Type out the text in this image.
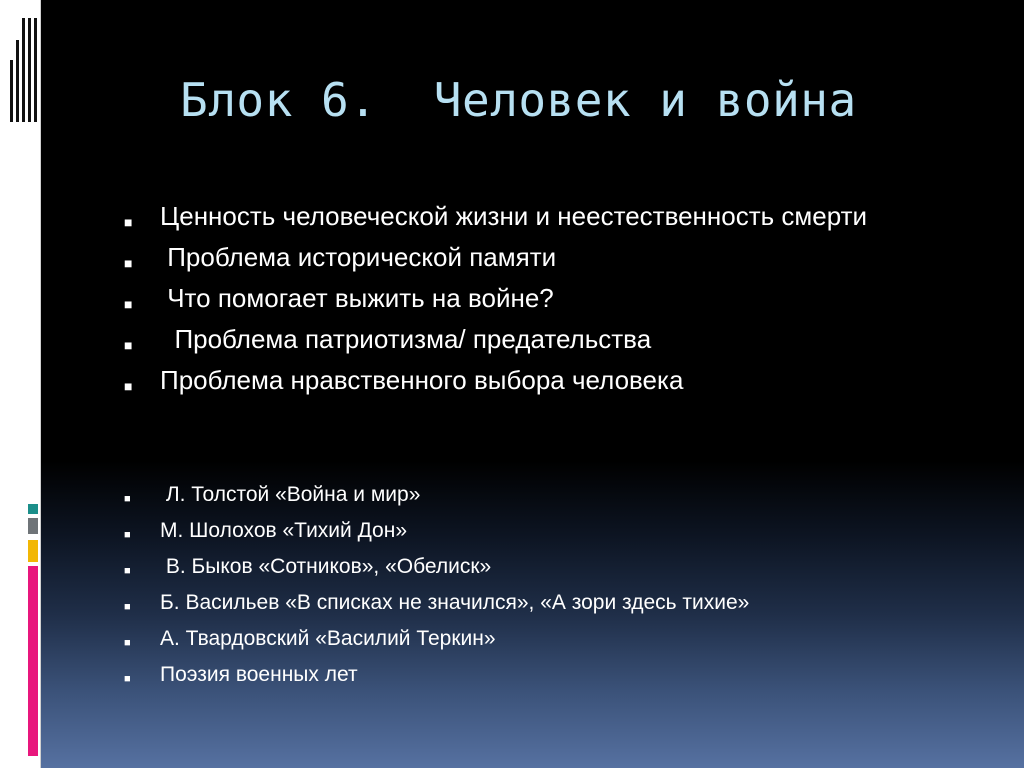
Блок 6.  Человек и война
■ Ценность человеческой жизни и неестественность смерти
■ Проблема исторической памяти
■ Что помогает выжить на войне?
■ Проблема патриотизма/ предательства
■ Проблема нравственного выбора человека
■ Л. Толстой «Война и мир»
■ М. Шолохов «Тихий Дон»
■ В. Быков «Сотников», «Обелиск»
■ Б. Васильев «В списках не значился», «А зори здесь тихие»
■ А. Твардовский «Василий Теркин»
■ Поэзия военных лет
